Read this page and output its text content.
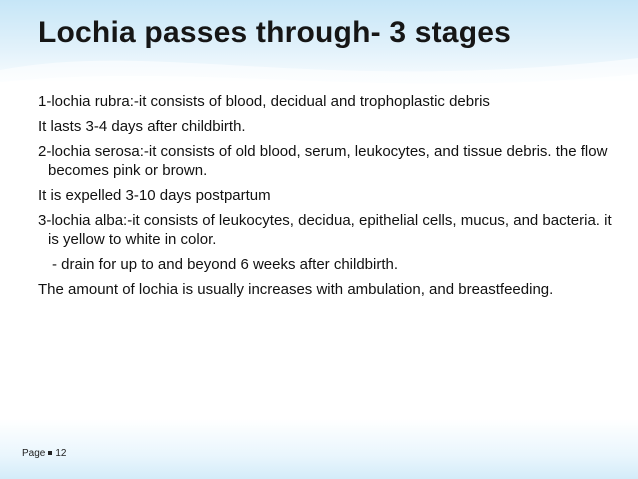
Lochia passes through- 3 stages

1-lochia rubra:-it consists of blood, decidual and trophoplastic debris

It lasts 3-4 days after childbirth.

2-lochia serosa:-it consists of old blood, serum, leukocytes, and tissue debris. the flow becomes pink or brown.

It is expelled 3-10 days postpartum

3-lochia alba:-it consists of leukocytes, decidua, epithelial cells, mucus, and bacteria. it is yellow to white in color.

- drain for up to and beyond 6 weeks after childbirth.

The amount of lochia is usually increases with ambulation, and breastfeeding.

Page 12
